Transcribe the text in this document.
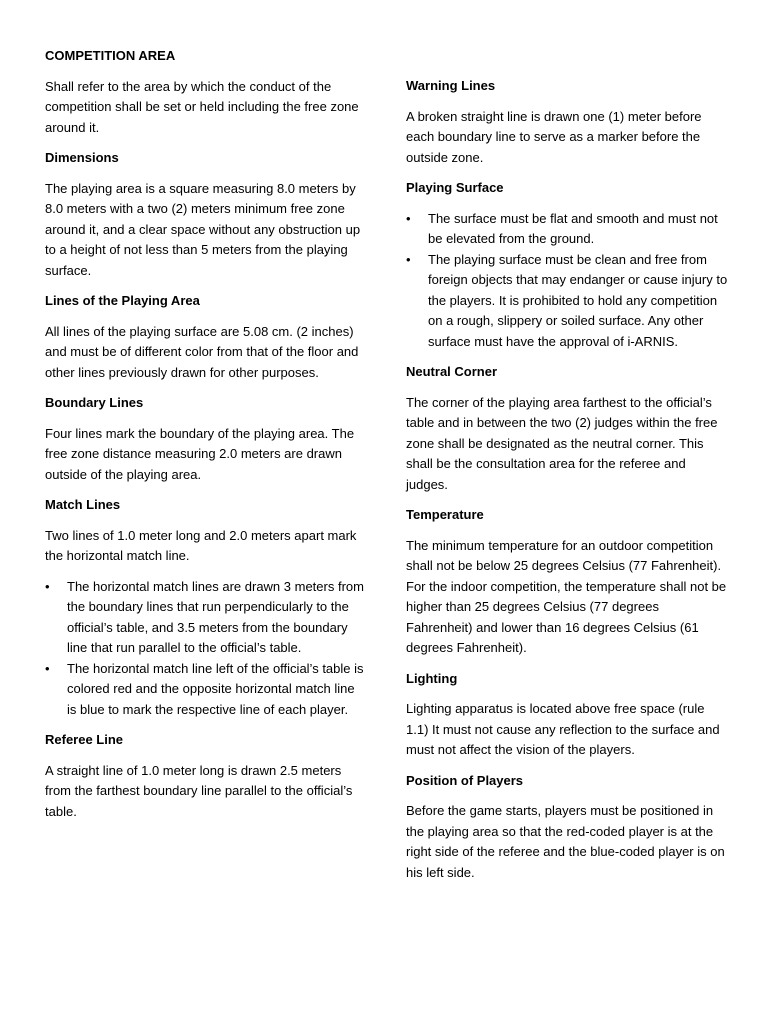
COMPETITION AREA
Shall refer to the area by which the conduct of the competition shall be set or held including the free zone around it.
Dimensions
The playing area is a square measuring 8.0 meters by 8.0 meters with a two (2) meters minimum free zone around it, and a clear space without any obstruction up to a height of not less than 5 meters from the playing surface.
Lines of the Playing Area
All lines of the playing surface are 5.08 cm. (2 inches) and must be of different color from that of the floor and other lines previously drawn for other purposes.
Boundary Lines
Four lines mark the boundary of the playing area. The free zone distance measuring 2.0 meters are drawn outside of the playing area.
Match Lines
Two lines of 1.0 meter long and 2.0 meters apart mark the horizontal match line.
• The horizontal match lines are drawn 3 meters from the boundary lines that run perpendicularly to the official’s table, and 3.5 meters from the boundary line that run parallel to the official’s table.
• The horizontal match line left of the official’s table is colored red and the opposite horizontal match line is blue to mark the respective line of each player.
Referee Line
A straight line of 1.0 meter long is drawn 2.5 meters from the farthest boundary line parallel to the official’s table.
Warning Lines
A broken straight line is drawn one (1) meter before each boundary line to serve as a marker before the outside zone.
Playing Surface
• The surface must be flat and smooth and must not be elevated from the ground.
• The playing surface must be clean and free from foreign objects that may endanger or cause injury to the players. It is prohibited to hold any competition on a rough, slippery or soiled surface. Any other surface must have the approval of i-ARNIS.
Neutral Corner
The corner of the playing area farthest to the official’s table and in between the two (2) judges within the free zone shall be designated as the neutral corner. This shall be the consultation area for the referee and judges.
Temperature
The minimum temperature for an outdoor competition shall not be below 25 degrees Celsius (77 Fahrenheit). For the indoor competition, the temperature shall not be higher than 25 degrees Celsius (77 degrees Fahrenheit) and lower than 16 degrees Celsius (61 degrees Fahrenheit).
Lighting
Lighting apparatus is located above free space (rule 1.1) It must not cause any reflection to the surface and must not affect the vision of the players.
Position of Players
Before the game starts, players must be positioned in the playing area so that the red-coded player is at the right side of the referee and the blue-coded player is on his left side.
